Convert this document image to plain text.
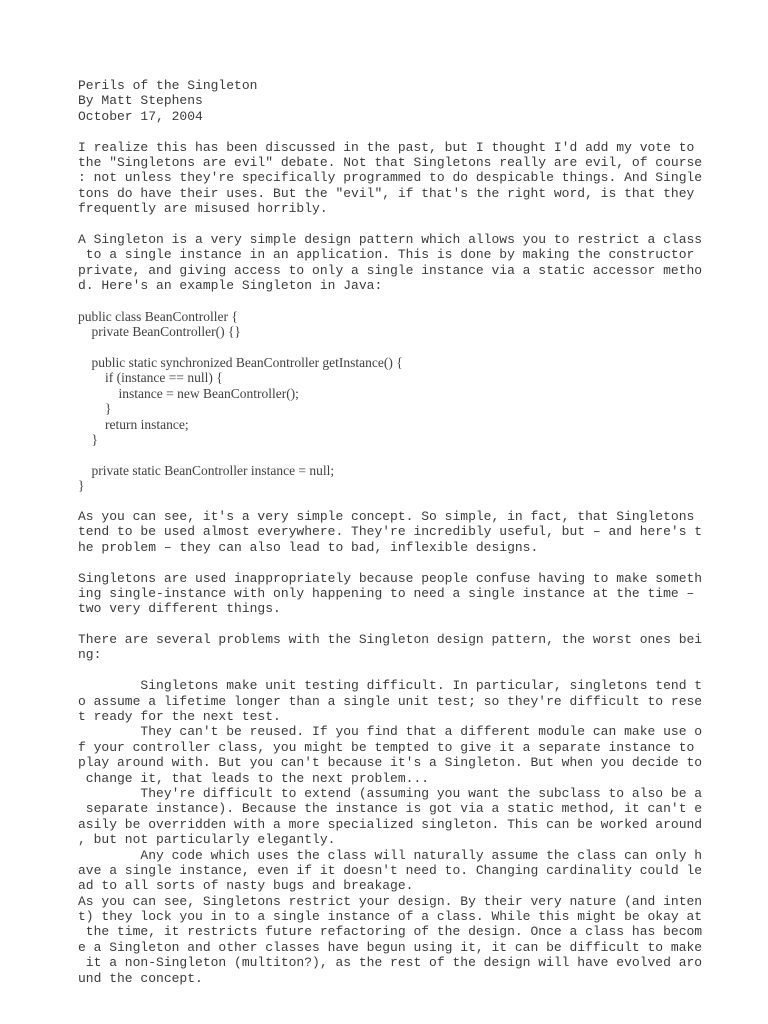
Perils of the Singleton
By Matt Stephens
October 17, 2004
I realize this has been discussed in the past, but I thought I'd add my vote to
the "Singletons are evil" debate. Not that Singletons really are evil, of course
: not unless they're specifically programmed to do despicable things. And Single
tons do have their uses. But the "evil", if that's the right word, is that they
frequently are misused horribly.
A Singleton is a very simple design pattern which allows you to restrict a class
to a single instance in an application. This is done by making the constructor
private, and giving access to only a single instance via a static accessor metho
d. Here's an example Singleton in Java:
public class BeanController {
private BeanController() {}
public static synchronized BeanController getInstance() {
if (instance == null) {
instance = new BeanController();
}
return instance;
}
private static BeanController instance = null;
}
As you can see, it's a very simple concept. So simple, in fact, that Singletons
tend to be used almost everywhere. They're incredibly useful, but – and here's t
he problem – they can also lead to bad, inflexible designs.
Singletons are used inappropriately because people confuse having to make someth
ing single-instance with only happening to need a single instance at the time –
two very different things.
There are several problems with the Singleton design pattern, the worst ones bei
ng:
Singletons make unit testing difficult. In particular, singletons tend t
o assume a lifetime longer than a single unit test; so they're difficult to rese
t ready for the next test.
They can't be reused. If you find that a different module can make use o
f your controller class, you might be tempted to give it a separate instance to
play around with. But you can't because it's a Singleton. But when you decide to
change it, that leads to the next problem...
They're difficult to extend (assuming you want the subclass to also be a
separate instance). Because the instance is got via a static method, it can't e
asily be overridden with a more specialized singleton. This can be worked around
, but not particularly elegantly.
Any code which uses the class will naturally assume the class can only h
ave a single instance, even if it doesn't need to. Changing cardinality could le
ad to all sorts of nasty bugs and breakage.
As you can see, Singletons restrict your design. By their very nature (and inten
t) they lock you in to a single instance of a class. While this might be okay at
the time, it restricts future refactoring of the design. Once a class has becom
e a Singleton and other classes have begun using it, it can be difficult to make
it a non-Singleton (multiton?), as the rest of the design will have evolved aro
und the concept.
